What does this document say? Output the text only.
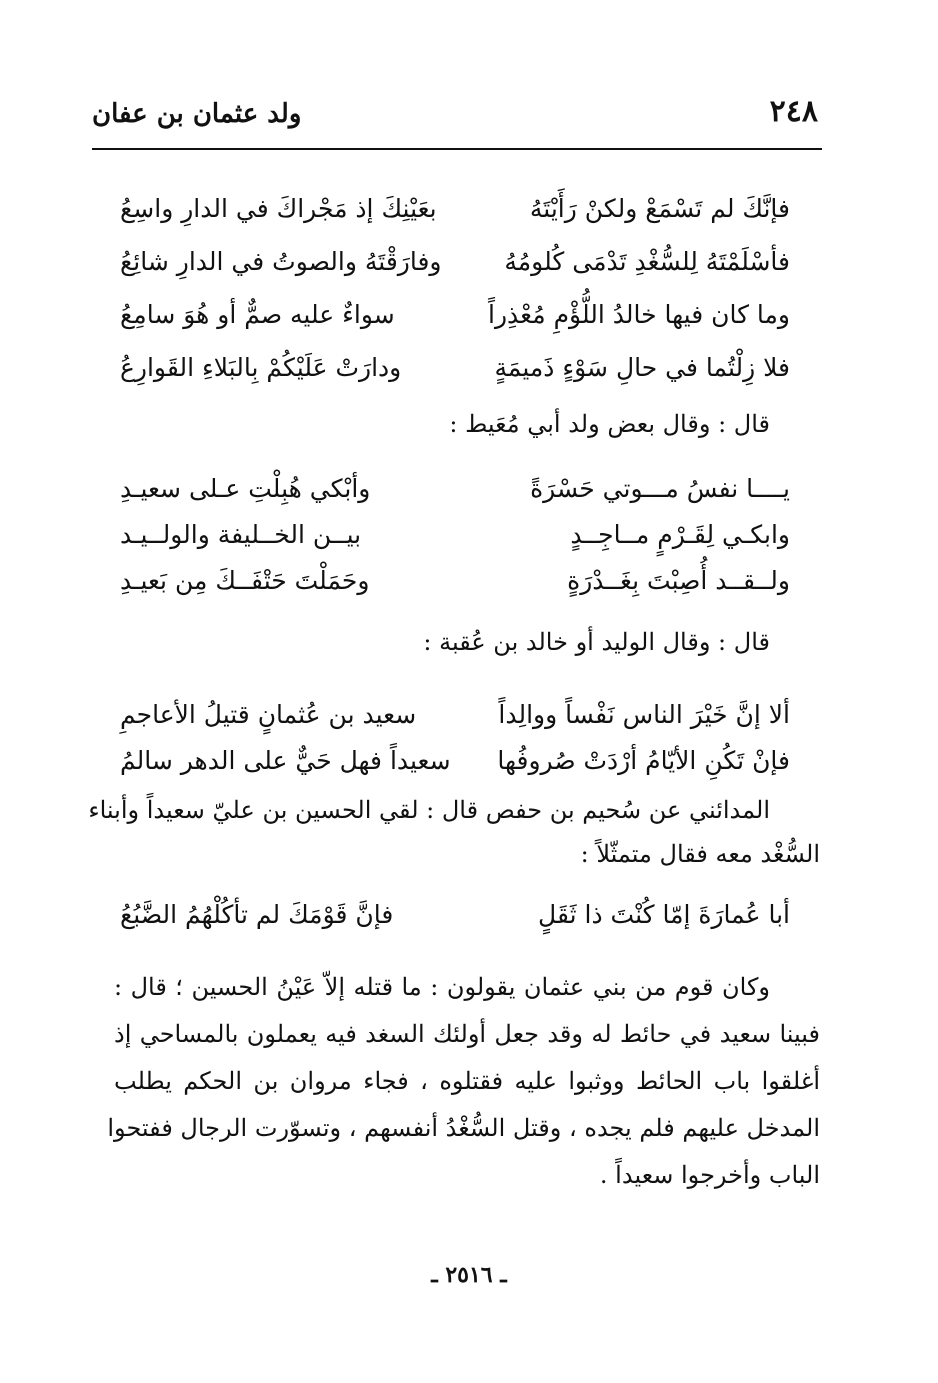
٢٤٨
ولد عثمان بن عفان
فإنَّكَ لم تَسْمَعْ ولكنْ رَأَيْتَهُ
بعَيْنِكَ إذ مَجْراكَ في الدارِ واسِعُ
فأسْلَمْتَهُ لِلسُّغْدِ تَدْمَى كُلومُهُ
وفارَقْتَهُ والصوتُ في الدارِ شائِعُ
وما كان فيها خالدُ اللُّؤْمِ مُعْذِراً
سواءٌ عليه صمٌّ أو هُوَ سامِعُ
فلا زِلْتُما في حالِ سَوْءٍ ذَميمَةٍ
ودارَتْ عَلَيْكُمْ بِالبَلاءِ القَوارِعُ
قال : وقال بعض ولد أبي مُعَيط :
يــــا نفسُ مـــوتي حَسْرَةً
وأبْكي هُبِلْتِ عـلى سعيـدِ
وابكـي لِقَـرْمٍ مــاجِــدٍ
بيــن الخــليفة والولــيـد
ولــقــد أُصِبْتَ بِغَــدْرَةٍ
وحَمَلْتَ حَتْفَــكَ مِن بَعيـدِ
قال : وقال الوليد أو خالد بن عُقبة :
ألا إنَّ خَيْرَ الناس نَفْساً ووالِداً
سعيد بن عُثمانٍ قتيلُ الأعاجمِ
فإنْ تَكُنِ الأيّامُ أرْدَتْ صُروفُها
سعيداً فهل حَيٌّ على الدهر سالمُ
المدائني عن سُحيم بن حفص قال : لقي الحسين بن عليّ سعيداً وأبناء
السُّغْد معه فقال متمثّلاً :
أبا عُمارَةَ إمّا كُنْتَ ذا ثَقَلٍ
فإنَّ قَوْمَكَ لم تأكُلْهُمُ الضَّبُعُ
وكان قوم من بني عثمان يقولون : ما قتله إلاّ عَيْنُ الحسين ؛ قال :
فبينا سعيد في حائط له وقد جعل أولئك السغد فيه يعملون بالمساحي إذ
أغلقوا باب الحائط ووثبوا عليه فقتلوه ، فجاء مروان بن الحكم يطلب
المدخل عليهم فلم يجده ، وقتل السُّغْدُ أنفسهم ، وتسوّرت الرجال ففتحوا
الباب وأخرجوا سعيداً .
ـ ٢٥١٦ ـ
